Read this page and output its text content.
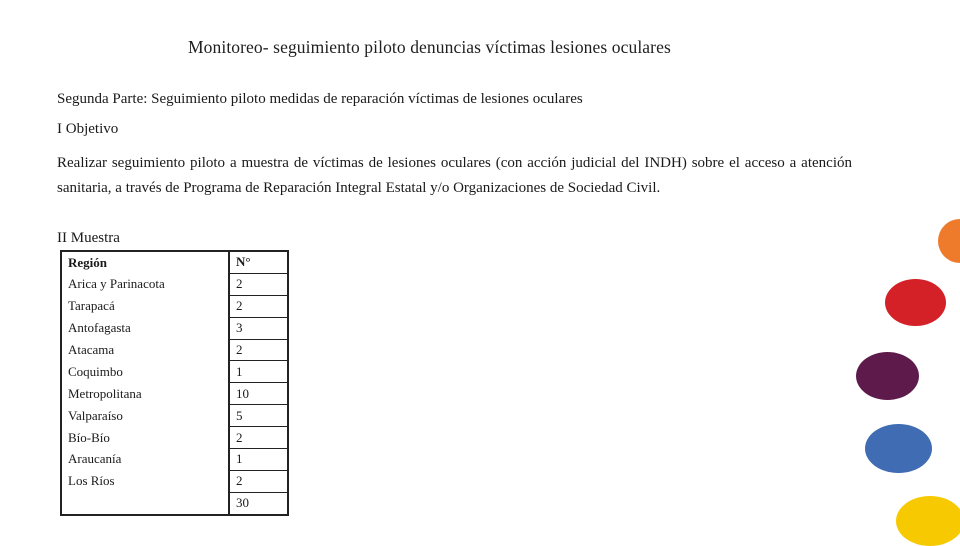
Monitoreo- seguimiento piloto denuncias víctimas lesiones oculares
Segunda Parte: Seguimiento piloto medidas de reparación víctimas de lesiones oculares
I Objetivo
Realizar seguimiento piloto a muestra de víctimas de lesiones oculares (con acción judicial del INDH) sobre el acceso a atención sanitaria, a través de Programa de Reparación Integral Estatal y/o Organizaciones de Sociedad Civil.
II Muestra
Región	N°
Arica y Parinacota	2
Tarapacá	2
Antofagasta	3
Atacama	2
Coquimbo	1
Metropolitana	10
Valparaíso	5
Bío-Bío	2
Araucanía	1
Los Ríos	2
	30
